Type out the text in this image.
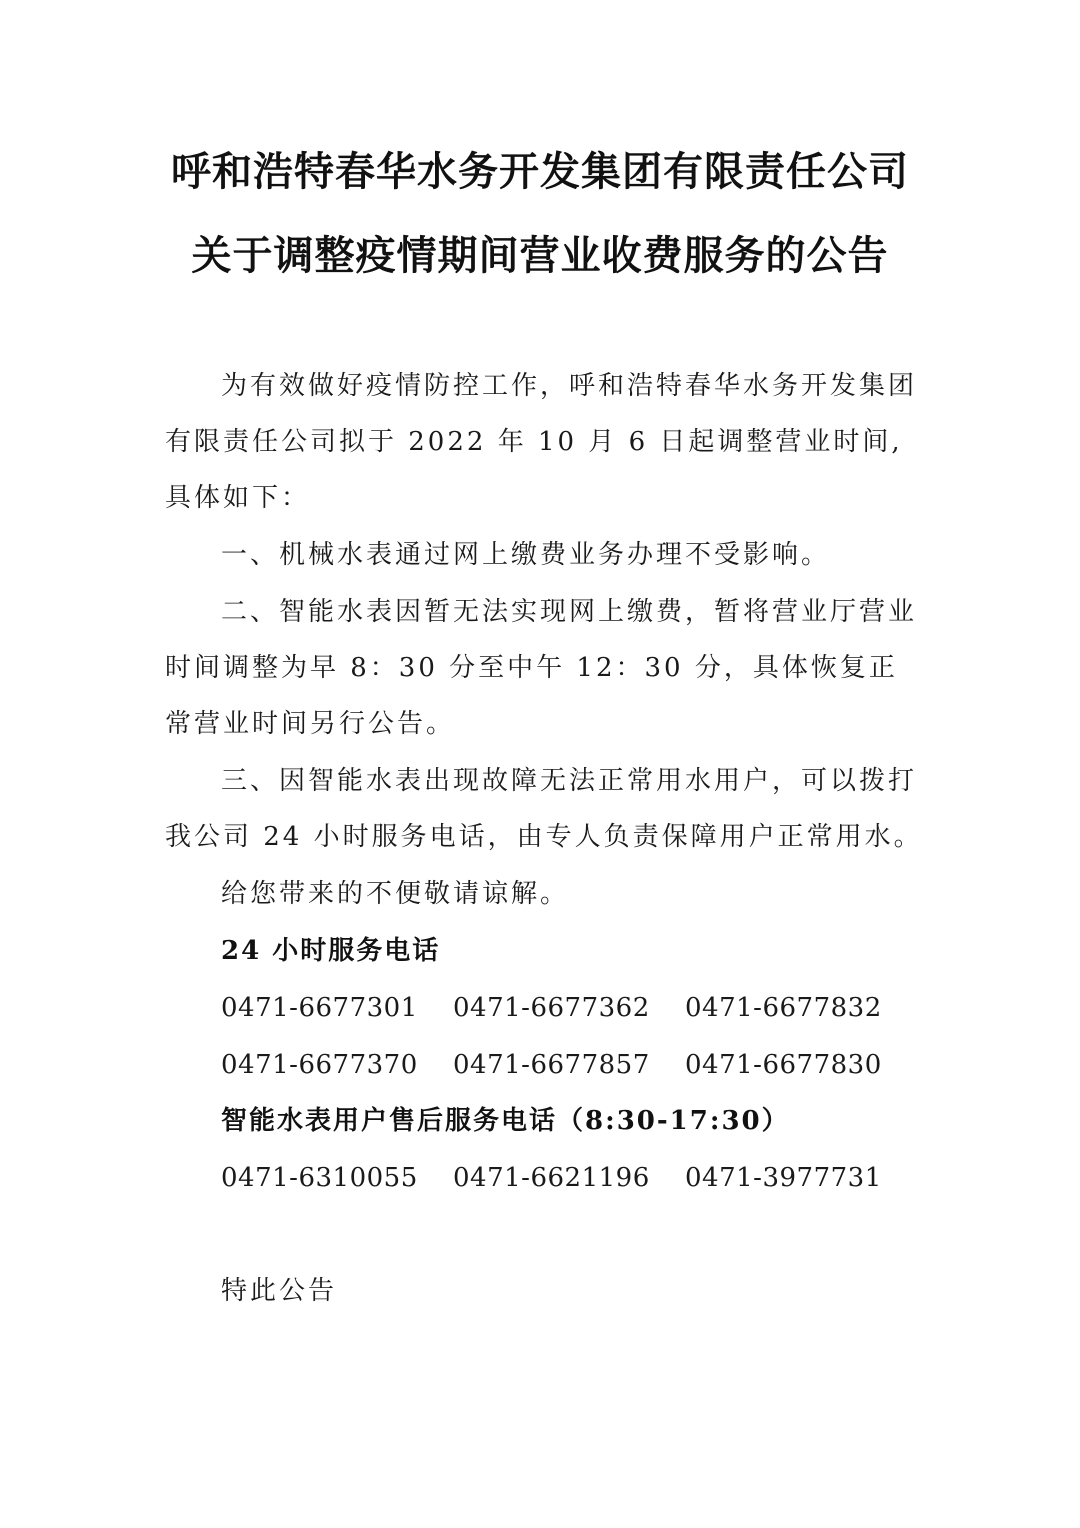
呼和浩特春华水务开发集团有限责任公司
关于调整疫情期间营业收费服务的公告

为有效做好疫情防控工作，呼和浩特春华水务开发集团有限责任公司拟于 2022 年 10 月 6 日起调整营业时间,具体如下：

一、机械水表通过网上缴费业务办理不受影响。

二、智能水表因暂无法实现网上缴费，暂将营业厅营业时间调整为早 8：30 分至中午 12：30 分，具体恢复正常营业时间另行公告。

三、因智能水表出现故障无法正常用水用户，可以拨打我公司 24 小时服务电话，由专人负责保障用户正常用水。

给您带来的不便敬请谅解。

24 小时服务电话
0471-6677301 0471-6677362 0471-6677832
0471-6677370 0471-6677857 0471-6677830
智能水表用户售后服务电话（8:30-17:30）
0471-6310055 0471-6621196 0471-3977731
特此公告
